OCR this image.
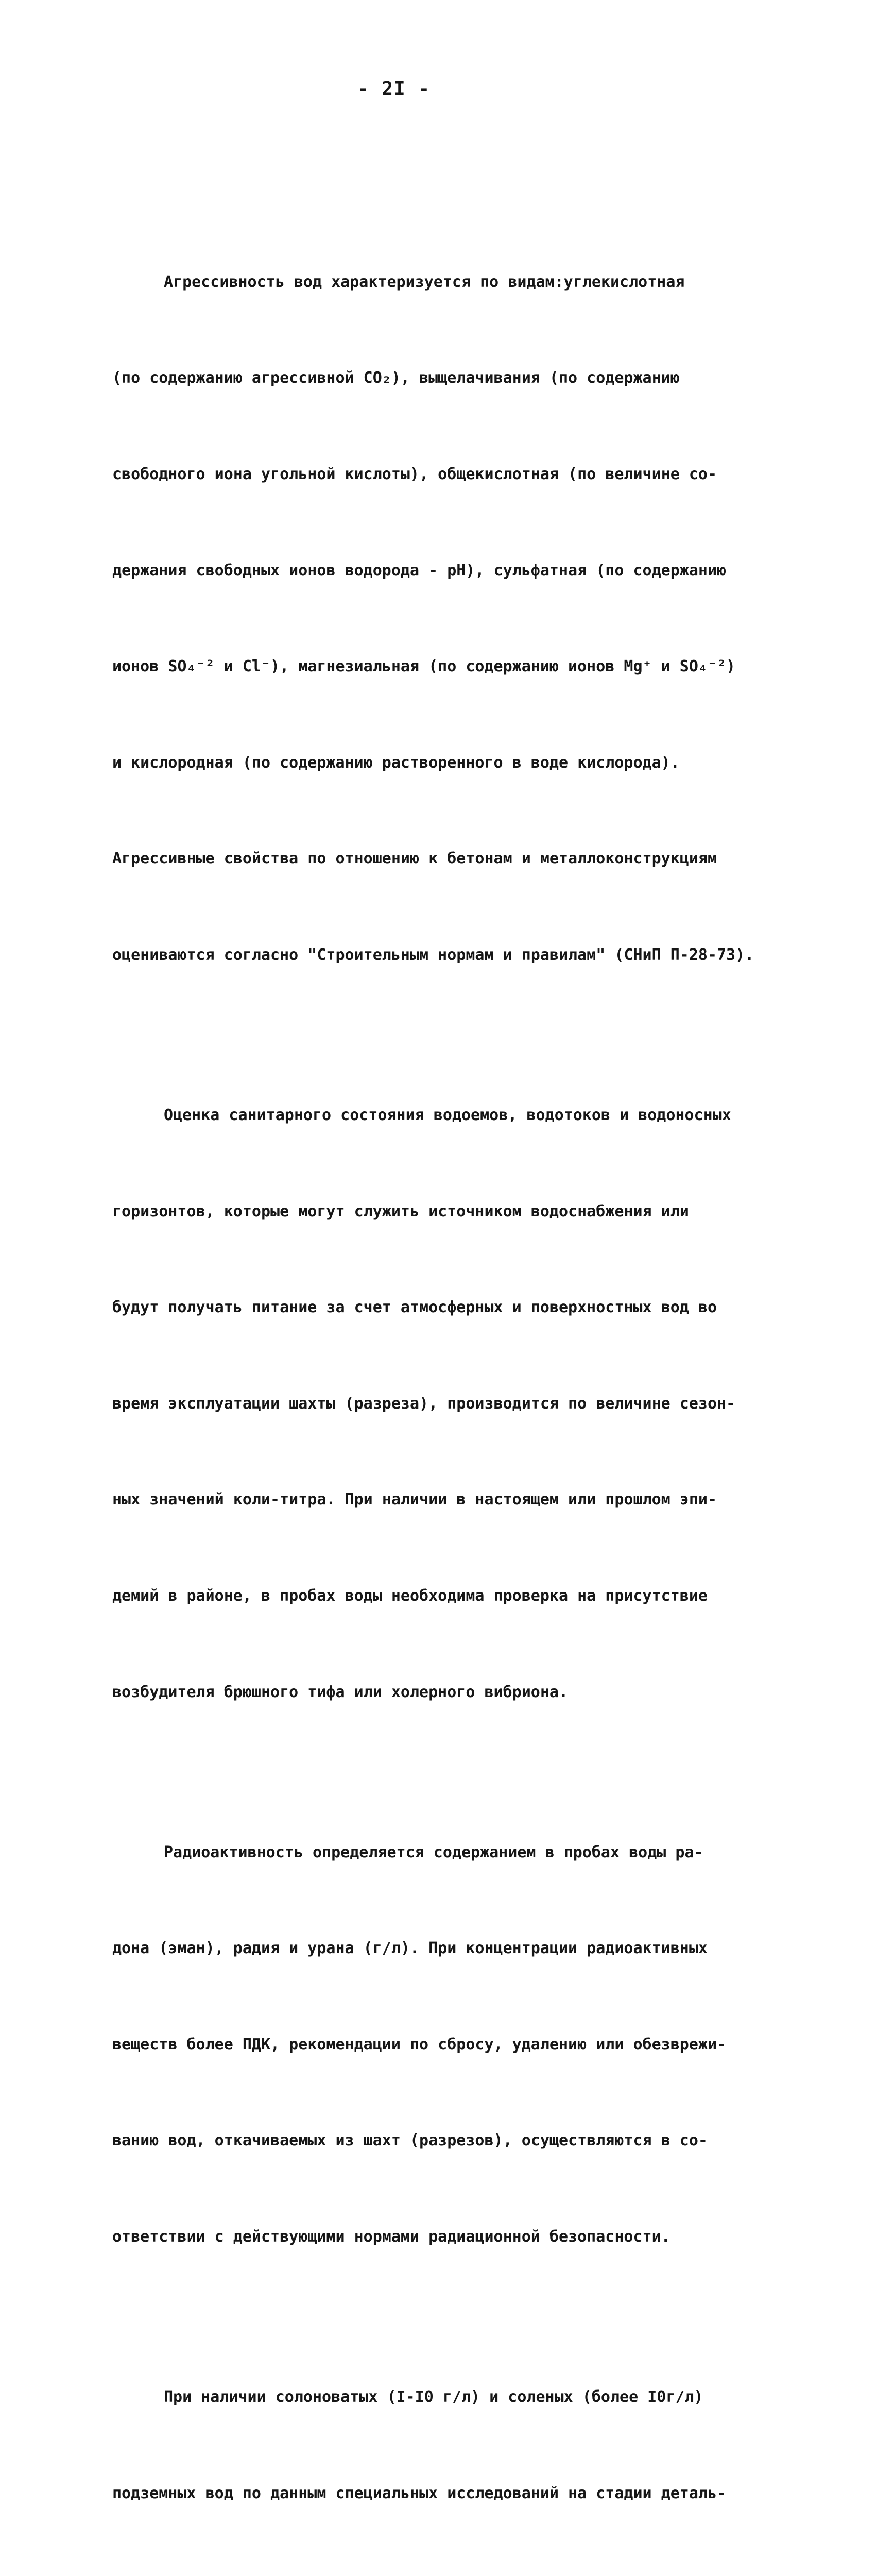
- 2I -

Агрессивность вод характеризуется по видам:углекислотная

(по содержанию агрессивной CO₂), выщелачивания (по содержанию

свободного иона угольной кислоты), общекислотная (по величине со-

держания свободных ионов водорода - pH), сульфатная (по содержанию

ионов SO₄⁻² и Cl⁻), магнезиальная (по содержанию ионов Mg⁺ и SO₄⁻²)

и кислородная (по содержанию растворенного в воде кислорода).

Агрессивные свойства по отношению к бетонам и металлоконструкциям

оцениваются согласно "Строительным нормам и правилам" (СНиП П-28-73).

Оценка санитарного состояния водоемов, водотоков и водоносных

горизонтов, которые могут служить источником водоснабжения или

будут получать питание за счет атмосферных и поверхностных вод во

время эксплуатации шахты (разреза), производится по величине сезон-

ных значений коли-титра. При наличии в настоящем или прошлом эпи-

демий в районе, в пробах воды необходима проверка на присутствие

возбудителя брюшного тифа или холерного вибриона.

Радиоактивность определяется содержанием в пробах воды ра-

дона (эман), радия и урана (г/л). При концентрации радиоактивных

веществ более ПДК, рекомендации по сбросу, удалению или обезврежи-

ванию вод, откачиваемых из шахт (разрезов), осуществляются в со-

ответствии с действующими нормами радиационной безопасности.

При наличии солоноватых (I-I0 г/л) и соленых (более I0г/л)

подземных вод по данным специальных исследований на стадии деталь-
